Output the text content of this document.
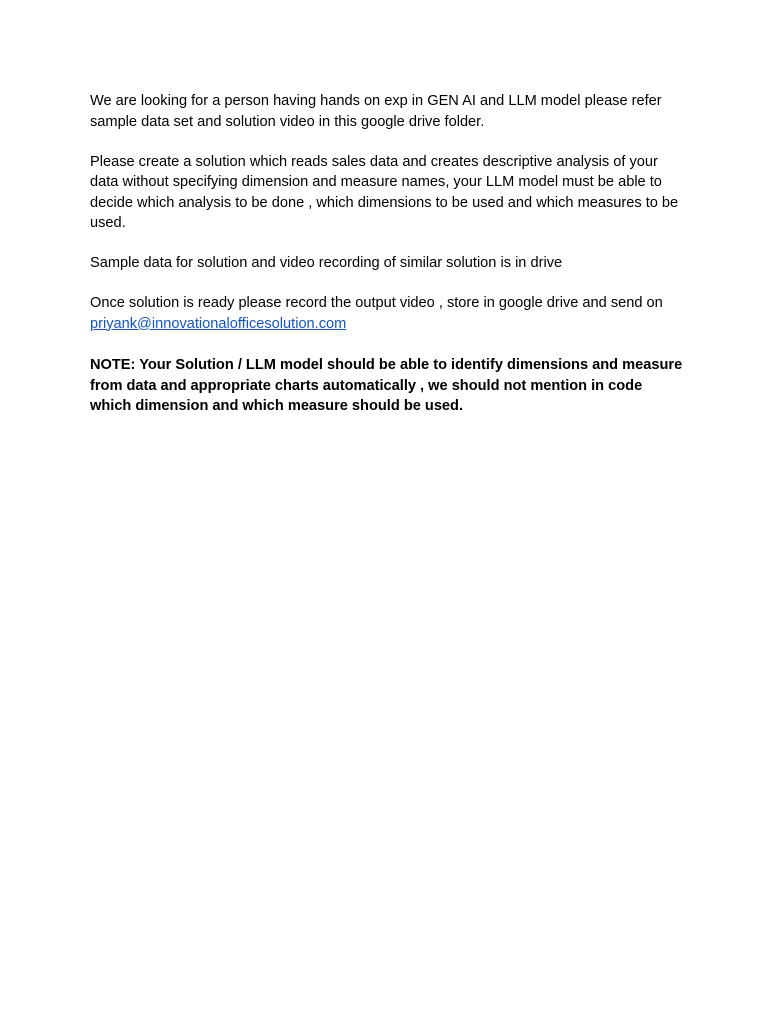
We are looking for a person having hands on exp in GEN AI and LLM model please refer sample data set and solution video in this google drive folder.

Please create a solution which reads sales data and creates descriptive analysis of your data without specifying dimension and measure names, your LLM model must be able to decide which analysis to be done , which dimensions to be used and which measures to be used.

Sample data for solution and video recording of similar solution is in drive

Once solution is ready please record the output video , store in google drive and send on priyank@innovationalofficesolution.com

NOTE: Your Solution / LLM model should be able to identify dimensions and measure from data and appropriate charts automatically , we should not mention in code which dimension and which measure should be used.
